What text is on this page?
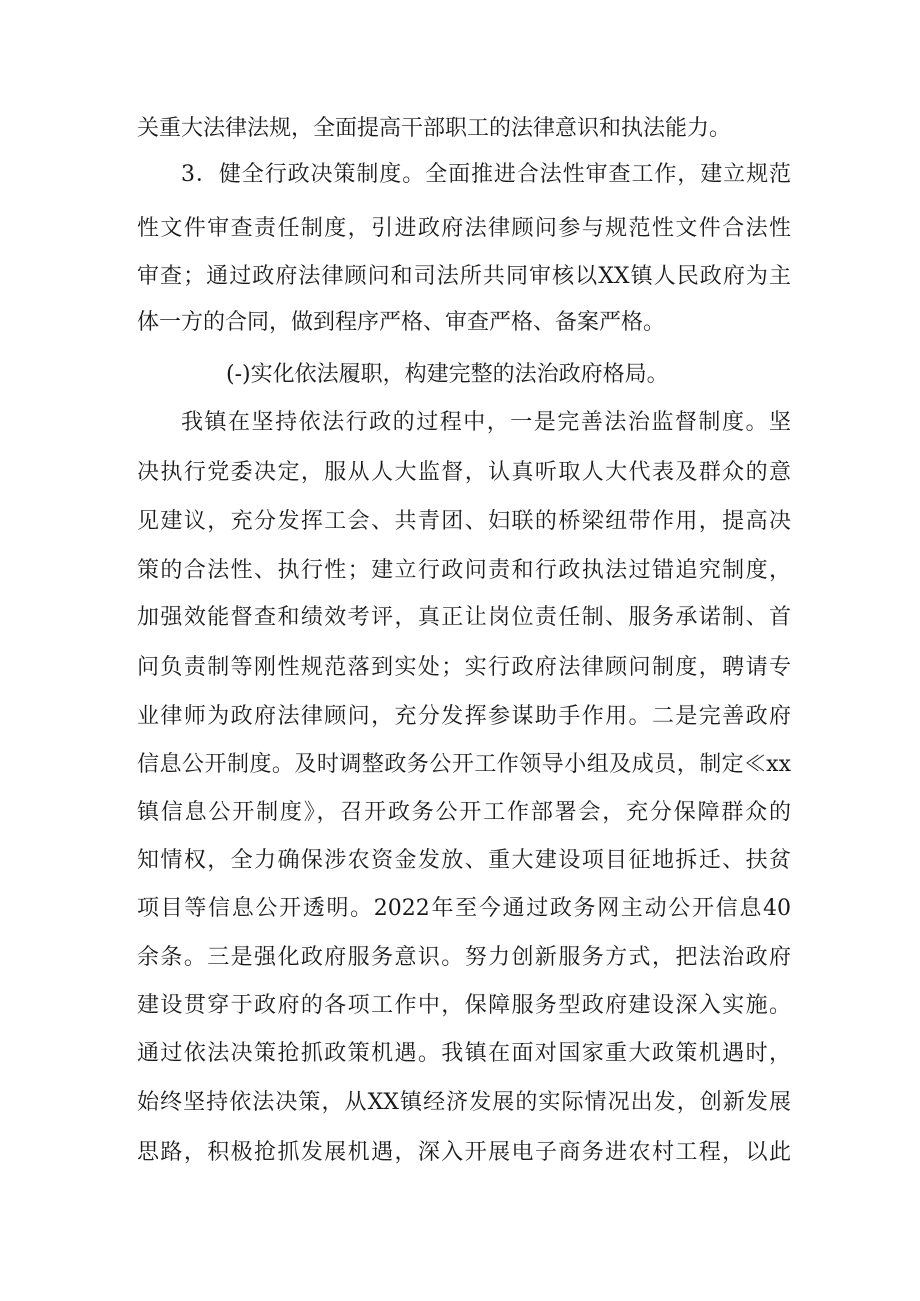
关重大法律法规，全面提高干部职工的法律意识和执法能力。
3．健全行政决策制度。全面推进合法性审查工作，建立规范
性文件审查责任制度，引进政府法律顾问参与规范性文件合法性
审查；通过政府法律顾问和司法所共同审核以XX镇人民政府为主
体一方的合同，做到程序严格、审查严格、备案严格。
(-)实化依法履职，构建完整的法治政府格局。
我镇在坚持依法行政的过程中，一是完善法治监督制度。坚
决执行党委决定，服从人大监督，认真听取人大代表及群众的意
见建议，充分发挥工会、共青团、妇联的桥梁纽带作用，提高决
策的合法性、执行性；建立行政问责和行政执法过错追究制度，
加强效能督查和绩效考评，真正让岗位责任制、服务承诺制、首
问负责制等刚性规范落到实处；实行政府法律顾问制度，聘请专
业律师为政府法律顾问，充分发挥参谋助手作用。二是完善政府
信息公开制度。及时调整政务公开工作领导小组及成员，制定≪xx
镇信息公开制度》，召开政务公开工作部署会，充分保障群众的
知情权，全力确保涉农资金发放、重大建设项目征地拆迁、扶贫
项目等信息公开透明。2022年至今通过政务网主动公开信息40
余条。三是强化政府服务意识。努力创新服务方式，把法治政府
建设贯穿于政府的各项工作中，保障服务型政府建设深入实施。
通过依法决策抢抓政策机遇。我镇在面对国家重大政策机遇时，
始终坚持依法决策，从XX镇经济发展的实际情况出发，创新发展
思路，积极抢抓发展机遇，深入开展电子商务进农村工程，以此
